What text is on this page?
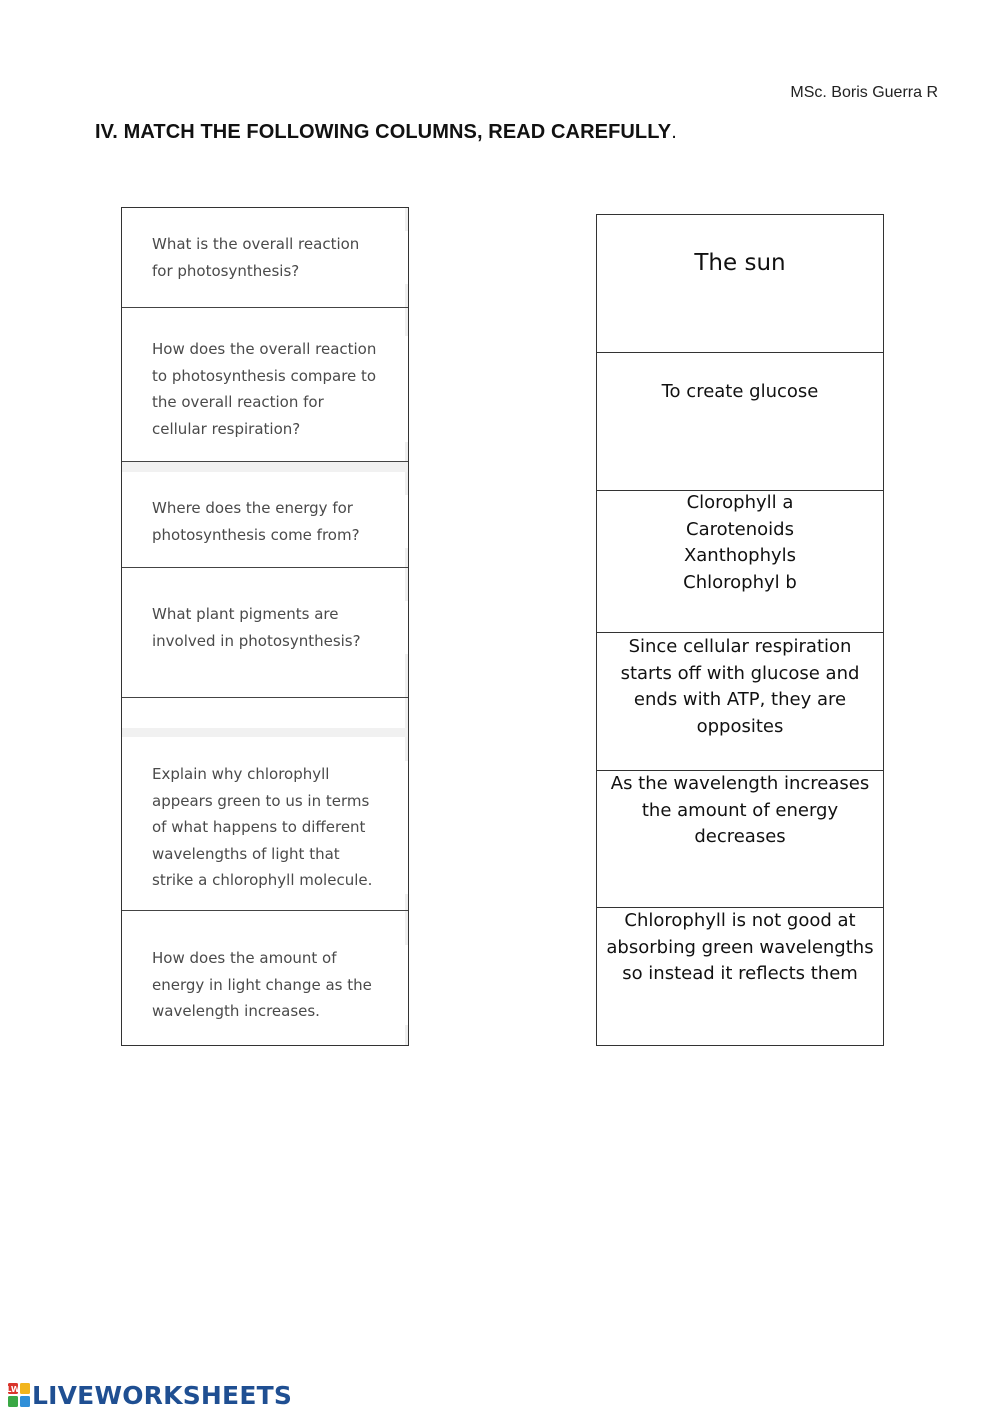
MSc. Boris Guerra R
IV. MATCH THE FOLLOWING COLUMNS, READ CAREFULLY.
What is the overall reaction for photosynthesis?
How does the overall reaction to photosynthesis compare to the overall reaction for cellular respiration?
Where does the energy for photosynthesis come from?
What plant pigments are involved in photosynthesis?
Explain why chlorophyll appears green to us in terms of what happens to different wavelengths of light that strike a chlorophyll molecule.
How does the amount of energy in light change as the wavelength increases.
The sun
To create glucose
Clorophyll a
Carotenoids
Xanthophyls
Chlorophyl b
Since cellular respiration
starts off with glucose and
ends with ATP, they are
opposites
As the wavelength increases
the amount of energy
decreases
Chlorophyll is not good at
absorbing green wavelengths
so instead it reflects them
LW LIVEWORKSHEETS
